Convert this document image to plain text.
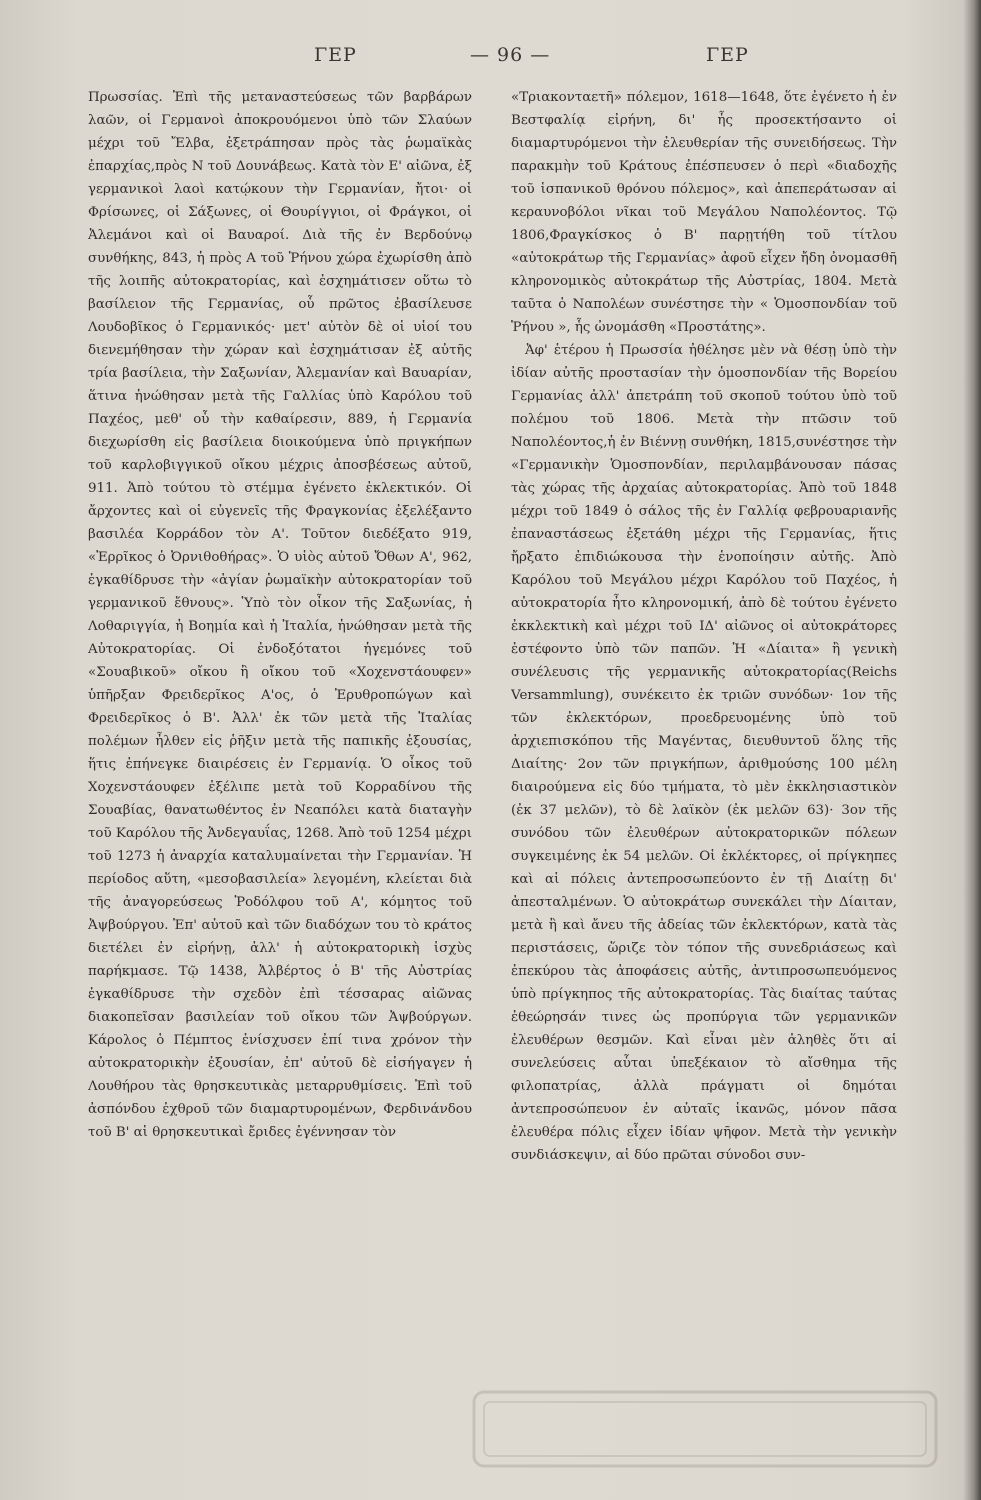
ΓΕΡ	— 96 —	ΓΕΡ

Πρωσσίας. Ἐπὶ τῆς μεταναστεύσεως τῶν βαρβάρων λαῶν, οἱ Γερμανοὶ ἀποκρουόμενοι ὑπὸ τῶν Σλαύων μέχρι τοῦ Ἔλβα, ἐξετράπησαν πρὸς τὰς ῥωμαϊκὰς ἐπαρχίας,πρὸς Ν τοῦ Δουνάβεως. Κατὰ τὸν Ε' αἰῶνα, ἐξ γερμανικοὶ λαοὶ κατῴκουν τὴν Γερμανίαν, ἤτοι· οἱ Φρίσωνες, οἱ Σάξωνες, οἱ Θουρίγγιοι, οἱ Φράγκοι, οἱ Ἀλεμάνοι καὶ οἱ Βαυαροί. Διὰ τῆς ἐν Βερδούνῳ συνθήκης, 843, ἡ πρὸς Α τοῦ Ῥήνου χώρα ἐχωρίσθη ἀπὸ τῆς λοιπῆς αὐτοκρατορίας, καὶ ἐσχημάτισεν οὕτω τὸ βασίλειον τῆς Γερμανίας, οὗ πρῶτος ἐβασίλευσε Λουδοβῖκος ὁ Γερμανικός· μετ' αὐτὸν δὲ οἱ υἱοί του διενεμήθησαν τὴν χώραν καὶ ἐσχημάτισαν ἐξ αὐτῆς τρία βασίλεια, τὴν Σαξωνίαν, Ἀλεμανίαν καὶ Βαυαρίαν, ἅτινα ἡνώθησαν μετὰ τῆς Γαλλίας ὑπὸ Καρόλου τοῦ Παχέος, μεθ' οὗ τὴν καθαίρεσιν, 889, ἡ Γερμανία διεχωρίσθη εἰς βασίλεια διοικούμενα ὑπὸ πριγκήπων τοῦ καρλοβιγγικοῦ οἴκου μέχρις ἀποσβέσεως αὐτοῦ, 911. Ἀπὸ τούτου τὸ στέμμα ἐγένετο ἐκλεκτικόν. Οἱ ἄρχοντες καὶ οἱ εὐγενεῖς τῆς Φραγκονίας ἐξελέξαντο βασιλέα Κορράδον τὸν Α'. Τοῦτον διεδέξατο 919, «Ἐρρῖκος ὁ Ὀρνιθοθήρας». Ὁ υἱὸς αὐτοῦ Ὄθων Α', 962, ἐγκαθίδρυσε τὴν «ἁγίαν ῥωμαϊκὴν αὐτοκρατορίαν τοῦ γερμανικοῦ ἔθνους». Ὑπὸ τὸν οἶκον τῆς Σαξωνίας, ἡ Λοθαριγγία, ἡ Βοημία καὶ ἡ Ἰταλία, ἡνώθησαν μετὰ τῆς Αὐτοκρατορίας. Οἱ ἐνδοξότατοι ἡγεμόνες τοῦ «Σουαβικοῦ» οἴκου ἢ οἴκου τοῦ «Χοχενστάουφεν» ὑπῆρξαν Φρειδερῖκος Α'ος, ὁ Ἐρυθροπώγων καὶ Φρειδερῖκος ὁ Β'. Ἀλλ' ἐκ τῶν μετὰ τῆς Ἰταλίας πολέμων ἦλθεν εἰς ῥῆξιν μετὰ τῆς παπικῆς ἐξουσίας, ἥτις ἐπήνεγκε διαιρέσεις ἐν Γερμανίᾳ. Ὁ οἶκος τοῦ Χοχενστάουφεν ἐξέλιπε μετὰ τοῦ Κορραδίνου τῆς Σουαβίας, θανατωθέντος ἐν Νεαπόλει κατὰ διαταγὴν τοῦ Καρόλου τῆς Ἀνδεγαυΐας, 1268. Ἀπὸ τοῦ 1254 μέχρι τοῦ 1273 ἡ ἀναρχία καταλυμαίνεται τὴν Γερμανίαν. Ἡ περίοδος αὕτη, «μεσοβασιλεία» λεγομένη, κλείεται διὰ τῆς ἀναγορεύσεως Ῥοδόλφου τοῦ Α', κόμητος τοῦ Ἀψβούργου. Ἐπ' αὐτοῦ καὶ τῶν διαδόχων του τὸ κράτος διετέλει ἐν εἰρήνῃ, ἀλλ' ἡ αὐτοκρατορικὴ ἰσχὺς παρήκμασε. Τῷ 1438, Ἀλβέρτος ὁ Β' τῆς Αὐστρίας ἐγκαθίδρυσε τὴν σχεδὸν ἐπὶ τέσσαρας αἰῶνας διακοπεῖσαν βασιλείαν τοῦ οἴκου τῶν Ἀψβούργων. Κάρολος ὁ Πέμπτος ἐνίσχυσεν ἐπί τινα χρόνον τὴν αὐτοκρατορικὴν ἐξουσίαν, ἐπ' αὐτοῦ δὲ εἰσήγαγεν ἡ Λουθήρου τὰς θρησκευτικὰς μεταρρυθμίσεις. Ἐπὶ τοῦ ἀσπόνδου ἐχθροῦ τῶν διαμαρτυρομένων, Φερδινάνδου τοῦ Β' αἱ θρησκευτικαὶ ἔριδες ἐγέννησαν τὸν

«Τριακονταετῆ» πόλεμον, 1618—1648, ὅτε ἐγένετο ἡ ἐν Βεστφαλίᾳ εἰρήνη, δι' ἧς προσεκτήσαντο οἱ διαμαρτυρόμενοι τὴν ἐλευθερίαν τῆς συνειδήσεως. Τὴν παρακμὴν τοῦ Κράτους ἐπέσπευσεν ὁ περὶ «διαδοχῆς τοῦ ἱσπανικοῦ θρόνου πόλεμος», καὶ ἀπεπεράτωσαν αἱ κεραυνοβόλοι νῖκαι τοῦ Μεγάλου Ναπολέοντος. Τῷ 1806,Φραγκίσκος ὁ Β' παρῃτήθη τοῦ τίτλου «αὐτοκράτωρ τῆς Γερμανίας» ἀφοῦ εἶχεν ἤδη ὀνομασθῆ κληρονομικὸς αὐτοκράτωρ τῆς Αὐστρίας, 1804. Μετὰ ταῦτα ὁ Ναπολέων συνέστησε τὴν « Ὁμοσπονδίαν τοῦ Ῥήνου », ἧς ὠνομάσθη «Προστάτης».

Ἀφ' ἑτέρου ἡ Πρωσσία ἠθέλησε μὲν νὰ θέσῃ ὑπὸ τὴν ἰδίαν αὐτῆς προστασίαν τὴν ὁμοσπονδίαν τῆς Βορείου Γερμανίας ἀλλ' ἀπετράπη τοῦ σκοποῦ τούτου ὑπὸ τοῦ πολέμου τοῦ 1806. Μετὰ τὴν πτῶσιν τοῦ Ναπολέοντος,ἡ ἐν Βιέννῃ συνθήκη, 1815,συνέστησε τὴν «Γερμανικὴν Ὁμοσπονδίαν, περιλαμβάνουσαν πάσας τὰς χώρας τῆς ἀρχαίας αὐτοκρατορίας. Ἀπὸ τοῦ 1848 μέχρι τοῦ 1849 ὁ σάλος τῆς ἐν Γαλλίᾳ φεβρουαριανῆς ἐπαναστάσεως ἐξετάθη μέχρι τῆς Γερμανίας, ἥτις ἤρξατο ἐπιδιώκουσα τὴν ἑνοποίησιν αὐτῆς. Ἀπὸ Καρόλου τοῦ Μεγάλου μέχρι Καρόλου τοῦ Παχέος, ἡ αὐτοκρατορία ἦτο κληρονομική, ἀπὸ δὲ τούτου ἐγένετο ἐκκλεκτικὴ καὶ μέχρι τοῦ ΙΔ' αἰῶνος οἱ αὐτοκράτορες ἐστέφοντο ὑπὸ τῶν παπῶν. Ἡ «Δίαιτα» ἢ γενικὴ συνέλευσις τῆς γερμανικῆς αὐτοκρατορίας(Reichs Versammlung), συνέκειτο ἐκ τριῶν συνόδων· 1ον τῆς τῶν ἐκλεκτόρων, προεδρευομένης ὑπὸ τοῦ ἀρχιεπισκόπου τῆς Μαγέντας, διευθυντοῦ ὅλης τῆς Διαίτης· 2ον τῶν πριγκήπων, ἀριθμούσης 100 μέλη διαιρούμενα εἰς δύο τμήματα, τὸ μὲν ἐκκλησιαστικὸν (ἐκ 37 μελῶν), τὸ δὲ λαϊκὸν (ἐκ μελῶν 63)· 3ον τῆς συνόδου τῶν ἐλευθέρων αὐτοκρατορικῶν πόλεων συγκειμένης ἐκ 54 μελῶν. Οἱ ἐκλέκτορες, οἱ πρίγκηπες καὶ αἱ πόλεις ἀντεπροσωπεύοντο ἐν τῇ Διαίτῃ δι' ἀπεσταλμένων. Ὁ αὐτοκράτωρ συνεκάλει τὴν Δίαιταν, μετὰ ἢ καὶ ἄνευ τῆς ἀδείας τῶν ἐκλεκτόρων, κατὰ τὰς περιστάσεις, ὥριζε τὸν τόπον τῆς συνεδριάσεως καὶ ἐπεκύρου τὰς ἀποφάσεις αὐτῆς, ἀντιπροσωπευόμενος ὑπὸ πρίγκηπος τῆς αὐτοκρατορίας. Τὰς διαίτας ταύτας ἐθεώρησάν τινες ὡς προπύργια τῶν γερμανικῶν ἐλευθέρων θεσμῶν. Καὶ εἶναι μὲν ἀληθὲς ὅτι αἱ συνελεύσεις αὗται ὑπεξέκαιον τὸ αἴσθημα τῆς φιλοπατρίας, ἀλλὰ πράγματι οἱ δημόται ἀντεπροσώπευον ἐν αὐταῖς ἱκανῶς, μόνον πᾶσα ἐλευθέρα πόλις εἶχεν ἰδίαν ψῆφον. Μετὰ τὴν γενικὴν συνδιάσκεψιν, αἱ δύο πρῶται σύνοδοι συν-
